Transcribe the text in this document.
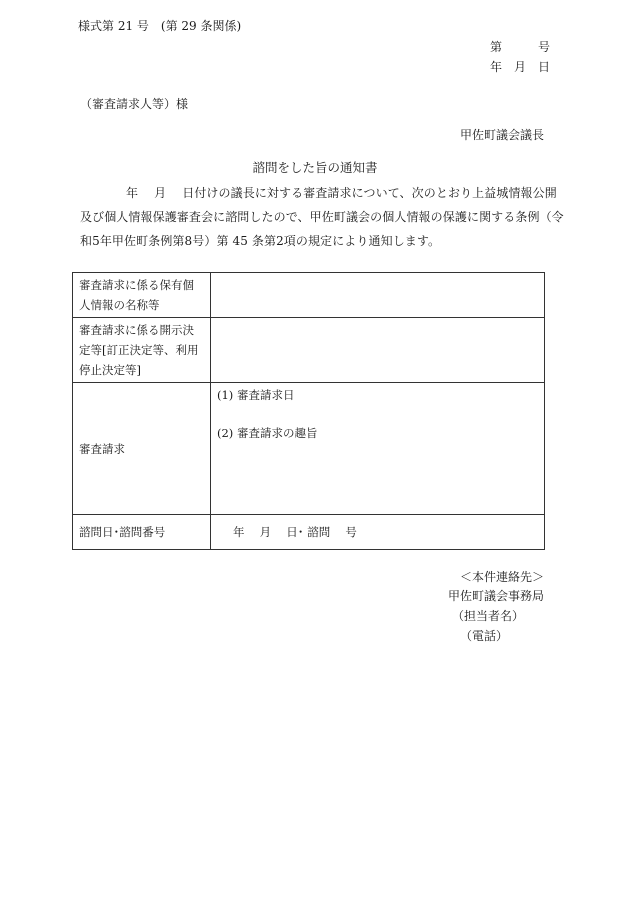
様式第 21 号　(第 29 条関係)
第　　　号
年　月　日
（審査請求人等）様
甲佐町議会議長
諮問をした旨の通知書
年　 月　 日付けの議長に対する審査請求について、次のとおり上益城情報公開
及び個人情報保護審査会に諮問したので、甲佐町議会の個人情報の保護に関する条例（令
和5年甲佐町条例第8号）第 45 条第2項の規定により通知します。
審査請求に係る保有個人情報の名称等	
審査請求に係る開示決定等[訂正決定等、利用停止決定等]	
審査請求	(1) 審査請求日
(2) 審査請求の趣旨

諮問日･諮問番号	年　 月　 日･ 諮問　 号
＜本件連絡先＞
甲佐町議会事務局
（担当者名）
（電話）
